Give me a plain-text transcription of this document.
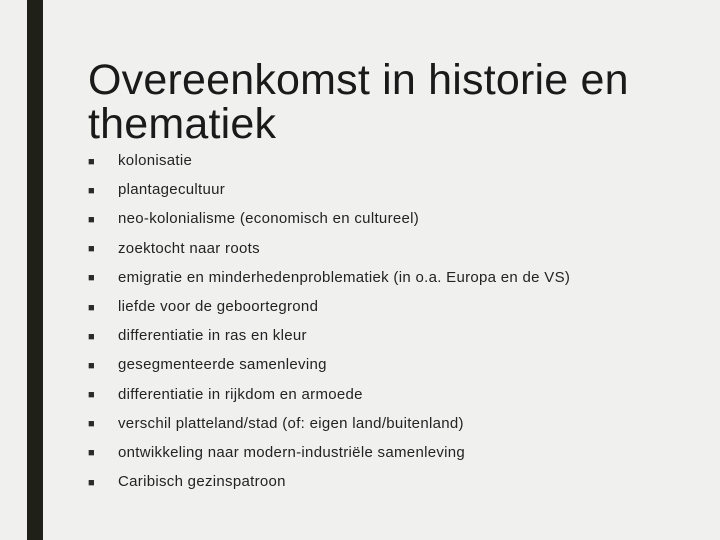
Overeenkomst in historie en thematiek
■	kolonisatie
■	plantagecultuur
■	neo-kolonialisme (economisch en cultureel)
■	zoektocht naar roots
■	emigratie en minderhedenproblematiek (in o.a. Europa en de VS)
■	liefde voor de geboortegrond
■	differentiatie in ras en kleur
■	gesegmenteerde samenleving
■	differentiatie in rijkdom en armoede
■	verschil platteland/stad (of: eigen land/buitenland)
■	ontwikkeling naar modern-industriële samenleving
■	Caribisch gezinspatroon
